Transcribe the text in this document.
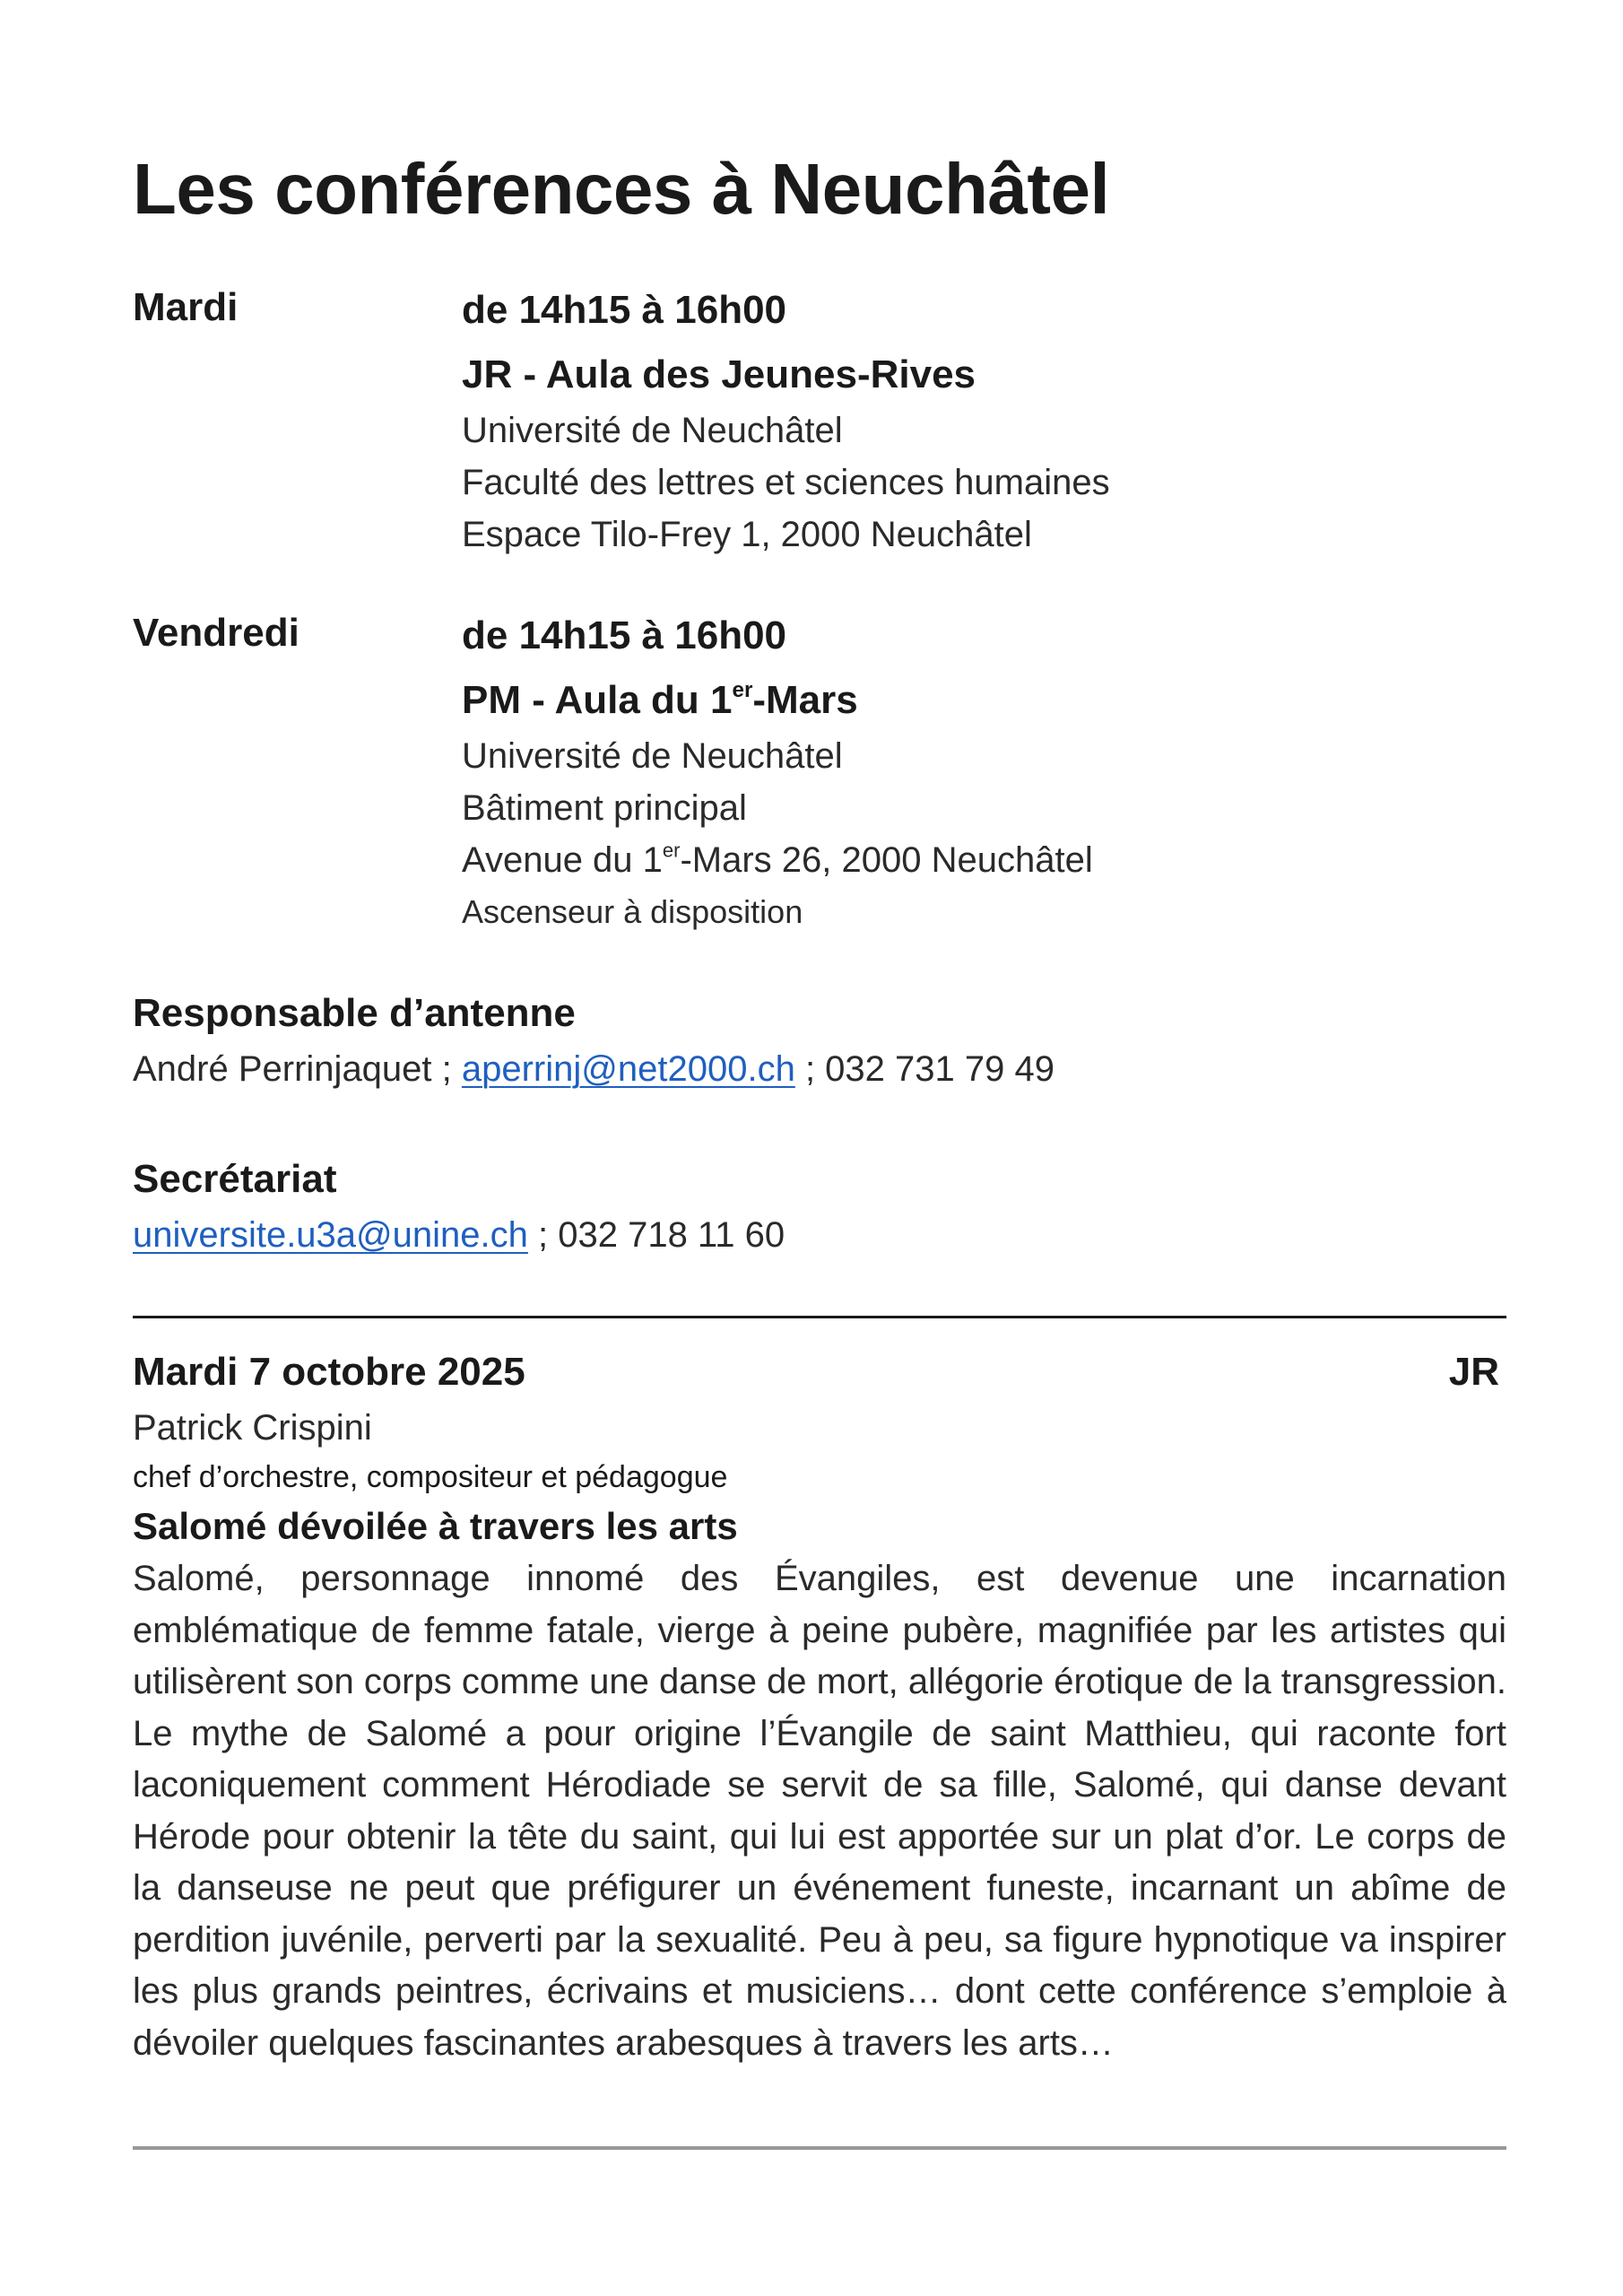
Les conférences à Neuchâtel
Mardi	de 14h15 à 16h00
JR - Aula des Jeunes-Rives
Université de Neuchâtel
Faculté des lettres et sciences humaines
Espace Tilo-Frey 1, 2000 Neuchâtel
Vendredi	de 14h15 à 16h00
PM - Aula du 1er-Mars
Université de Neuchâtel
Bâtiment principal
Avenue du 1er-Mars 26, 2000 Neuchâtel
Ascenseur à disposition
Responsable d’antenne
André Perrinjaquet ; aperrinj@net2000.ch ; 032 731 79 49
Secrétariat
universite.u3a@unine.ch ; 032 718 11 60
Mardi 7 octobre 2025	JR
Patrick Crispini
chef d’orchestre, compositeur et pédagogue
Salomé dévoilée à travers les arts

Salomé, personnage innomé des Évangiles, est devenue une incarnation emblématique de femme fatale, vierge à peine pubère, magnifiée par les artistes qui utilisèrent son corps comme une danse de mort, allégorie érotique de la transgression. Le mythe de Salomé a pour origine l’Évangile de saint Matthieu, qui raconte fort laconiquement comment Hérodiade se servit de sa fille, Salomé, qui danse devant Hérode pour obtenir la tête du saint, qui lui est apportée sur un plat d’or. Le corps de la danseuse ne peut que préfigurer un événement funeste, incarnant un abîme de perdition juvénile, perverti par la sexualité. Peu à peu, sa figure hypnotique va inspirer les plus grands peintres, écrivains et musiciens… dont cette conférence s’emploie à dévoiler quelques fascinantes arabesques à travers les arts…
